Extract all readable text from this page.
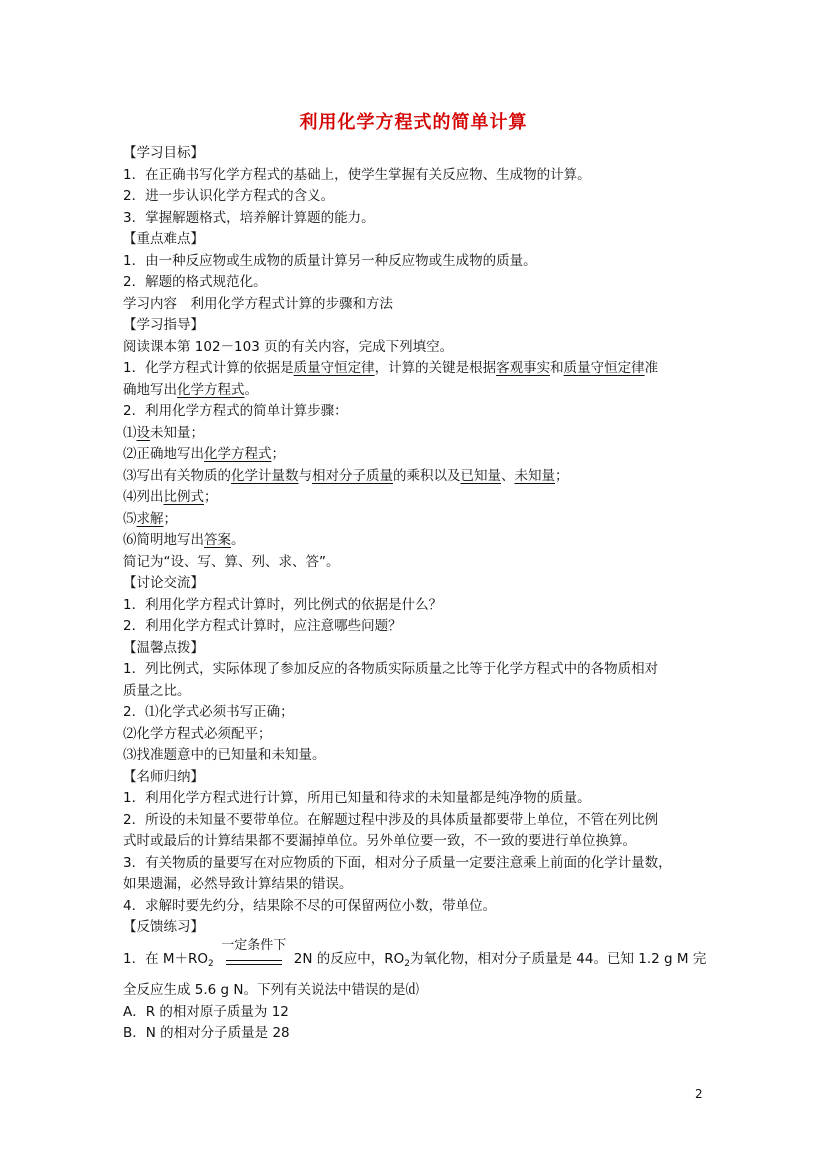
利用化学方程式的简单计算

【学习目标】

1．在正确书写化学方程式的基础上，使学生掌握有关反应物、生成物的计算。

2．进一步认识化学方程式的含义。

3．掌握解题格式，培养解计算题的能力。

【重点难点】

1．由一种反应物或生成物的质量计算另一种反应物或生成物的质量。

2．解题的格式规范化。

学习内容　利用化学方程式计算的步骤和方法

【学习指导】

阅读课本第 102－103 页的有关内容，完成下列填空。

1．化学方程式计算的依据是质量守恒定律，计算的关键是根据客观事实和质量守恒定律准

确地写出化学方程式。

2．利用化学方程式的简单计算步骤：

⑴设未知量；

⑵正确地写出化学方程式；

⑶写出有关物质的化学计量数与相对分子质量的乘积以及已知量、未知量；

⑷列出比例式；

⑸求解；

⑹简明地写出答案。

简记为“设、写、算、列、求、答”。

【讨论交流】

1．利用化学方程式计算时，列比例式的依据是什么？

2．利用化学方程式计算时，应注意哪些问题？

【温馨点拨】

1．列比例式，实际体现了参加反应的各物质实际质量之比等于化学方程式中的各物质相对

质量之比。

2．⑴化学式必须书写正确；

⑵化学方程式必须配平；

⑶找准题意中的已知量和未知量。

【名师归纳】

1．利用化学方程式进行计算，所用已知量和待求的未知量都是纯净物的质量。

2．所设的未知量不要带单位。在解题过程中涉及的具体质量都要带上单位，不管在列比例

式时或最后的计算结果都不要漏掉单位。另外单位要一致，不一致的要进行单位换算。

3．有关物质的量要写在对应物质的下面，相对分子质量一定要注意乘上前面的化学计量数，

如果遗漏，必然导致计算结果的错误。

4．求解时要先约分，结果除不尽的可保留两位小数，带单位。

【反馈练习】

1．在 $M+RO_2$
一定条件下
2N 的反应中，$RO_2$为氧化物，相对分子质量是 44。已知 1.2 g M 完

全反应生成 5.6 g N。下列有关说法中错误的是⒟

A．R 的相对原子质量为 12

B．N 的相对分子质量是 28

2
